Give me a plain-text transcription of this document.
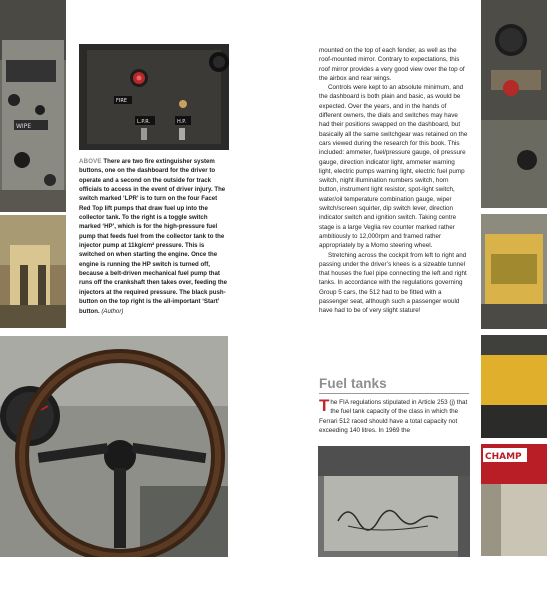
WIPE
FIRE
L.P.R.	H.P.
ABOVE There are two fire extinguisher system buttons, one on the dashboard for the driver to operate and a second on the outside for track officials to access in the event of driver injury. The switch marked ‘LPR’ is to turn on the four Facet Red Top lift pumps that draw fuel up into the collector tank. To the right is a toggle switch marked ‘HP’, which is for the high-pressure fuel pump that feeds fuel from the collector tank to the injector pump at 11kg/cm² pressure. This is switched on when starting the engine. Once the engine is running the HP switch is turned off, because a belt-driven mechanical fuel pump that runs off the crankshaft then takes over, feeding the injectors at the required pressure. The black push-button on the top right is the all-important ‘Start’ button. (Author)

mounted on the top of each fender, as well as the roof-mounted mirror. Contrary to expectations, this roof mirror provides a very good view over the top of the airbox and rear wings.

Controls were kept to an absolute minimum, and the dashboard is both plain and basic, as would be expected. Over the years, and in the hands of different owners, the dials and switches may have had their positions swapped on the dashboard, but basically all the same switchgear was retained on the cars viewed during the research for this book. This included: ammeter, fuel/pressure gauge, oil pressure gauge, direction indicator light, ammeter warning light, electric pumps warning light, electric fuel pump switch, night illumination numbers switch, horn button, instrument light resistor, spot-light switch, water/oil temperature combination gauge, wiper switch/screen squirter, dip switch lever, direction indicator switch and ignition switch. Taking centre stage is a large Veglia rev counter marked rather ambitiously to 12,000rpm and framed rather appropriately by a Momo steering wheel.

Stretching across the cockpit from left to right and passing under the driver’s knees is a sizeable tunnel that houses the fuel pipe connecting the left and right tanks. In accordance with the regulations governing Group 5 cars, the 512 had to be fitted with a passenger seat, although such a passenger would have had to be of very slight stature!

Fuel tanks

The FIA regulations stipulated in Article 253 (j) that the fuel tank capacity of the class in which the Ferrari 512 raced should have a total capacity not exceeding 140 litres. In 1969 the

CHAMP
